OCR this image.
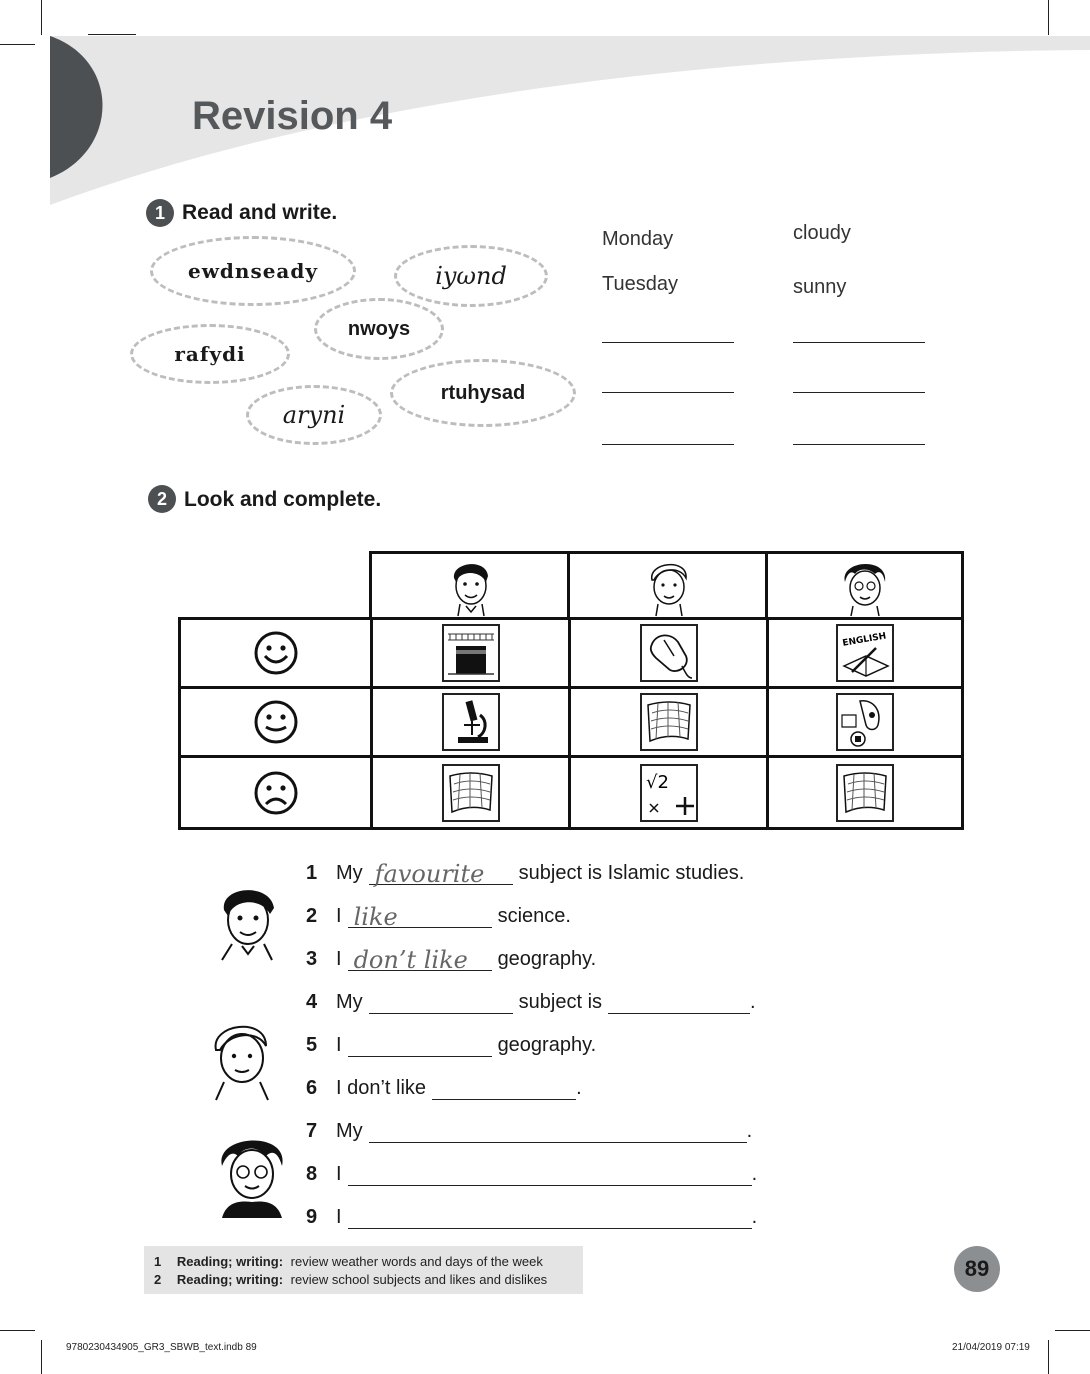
Revision 4
1 Read and write.
ewdnseady	iyωnd
nwoys
rafydi
rtuhysad
aryni
Monday
Tuesday
cloudy
sunny
2 Look and complete.
ENGLISH
√2
1 My favourite subject is Islamic studies.
2 I like	science.
3 I don’t like geography.
4 My	subject is	.
5 I	geography.
6 I don’t like	.
7 My	.
8 I	.
9 I	.
1 Reading; writing: review weather words and days of the week
2 Reading; writing: review school subjects and likes and dislikes	89
9780230434905_GR3_SBWB_text.indb 89	21/04/2019 07:19
